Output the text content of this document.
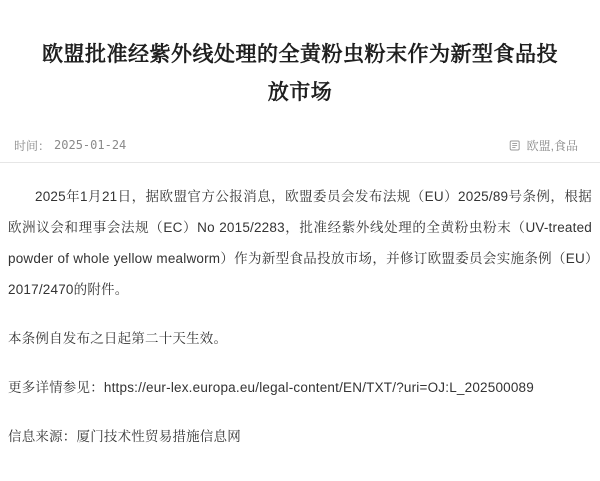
欧盟批准经紫外线处理的全黄粉虫粉末作为新型食品投放市场
时间： 2025-01-24	欧盟,食品

2025年1月21日，据欧盟官方公报消息，欧盟委员会发布法规（EU）2025/89号条例，根据欧洲议会和理事会法规（EC）No 2015/2283，批准经紫外线处理的全黄粉虫粉末（UV-treated powder of whole yellow mealworm）作为新型食品投放市场，并修订欧盟委员会实施条例（EU）2017/2470的附件。

本条例自发布之日起第二十天生效。

更多详情参见：https://eur-lex.europa.eu/legal-content/EN/TXT/?uri=OJ:L_202500089

信息来源：厦门技术性贸易措施信息网
